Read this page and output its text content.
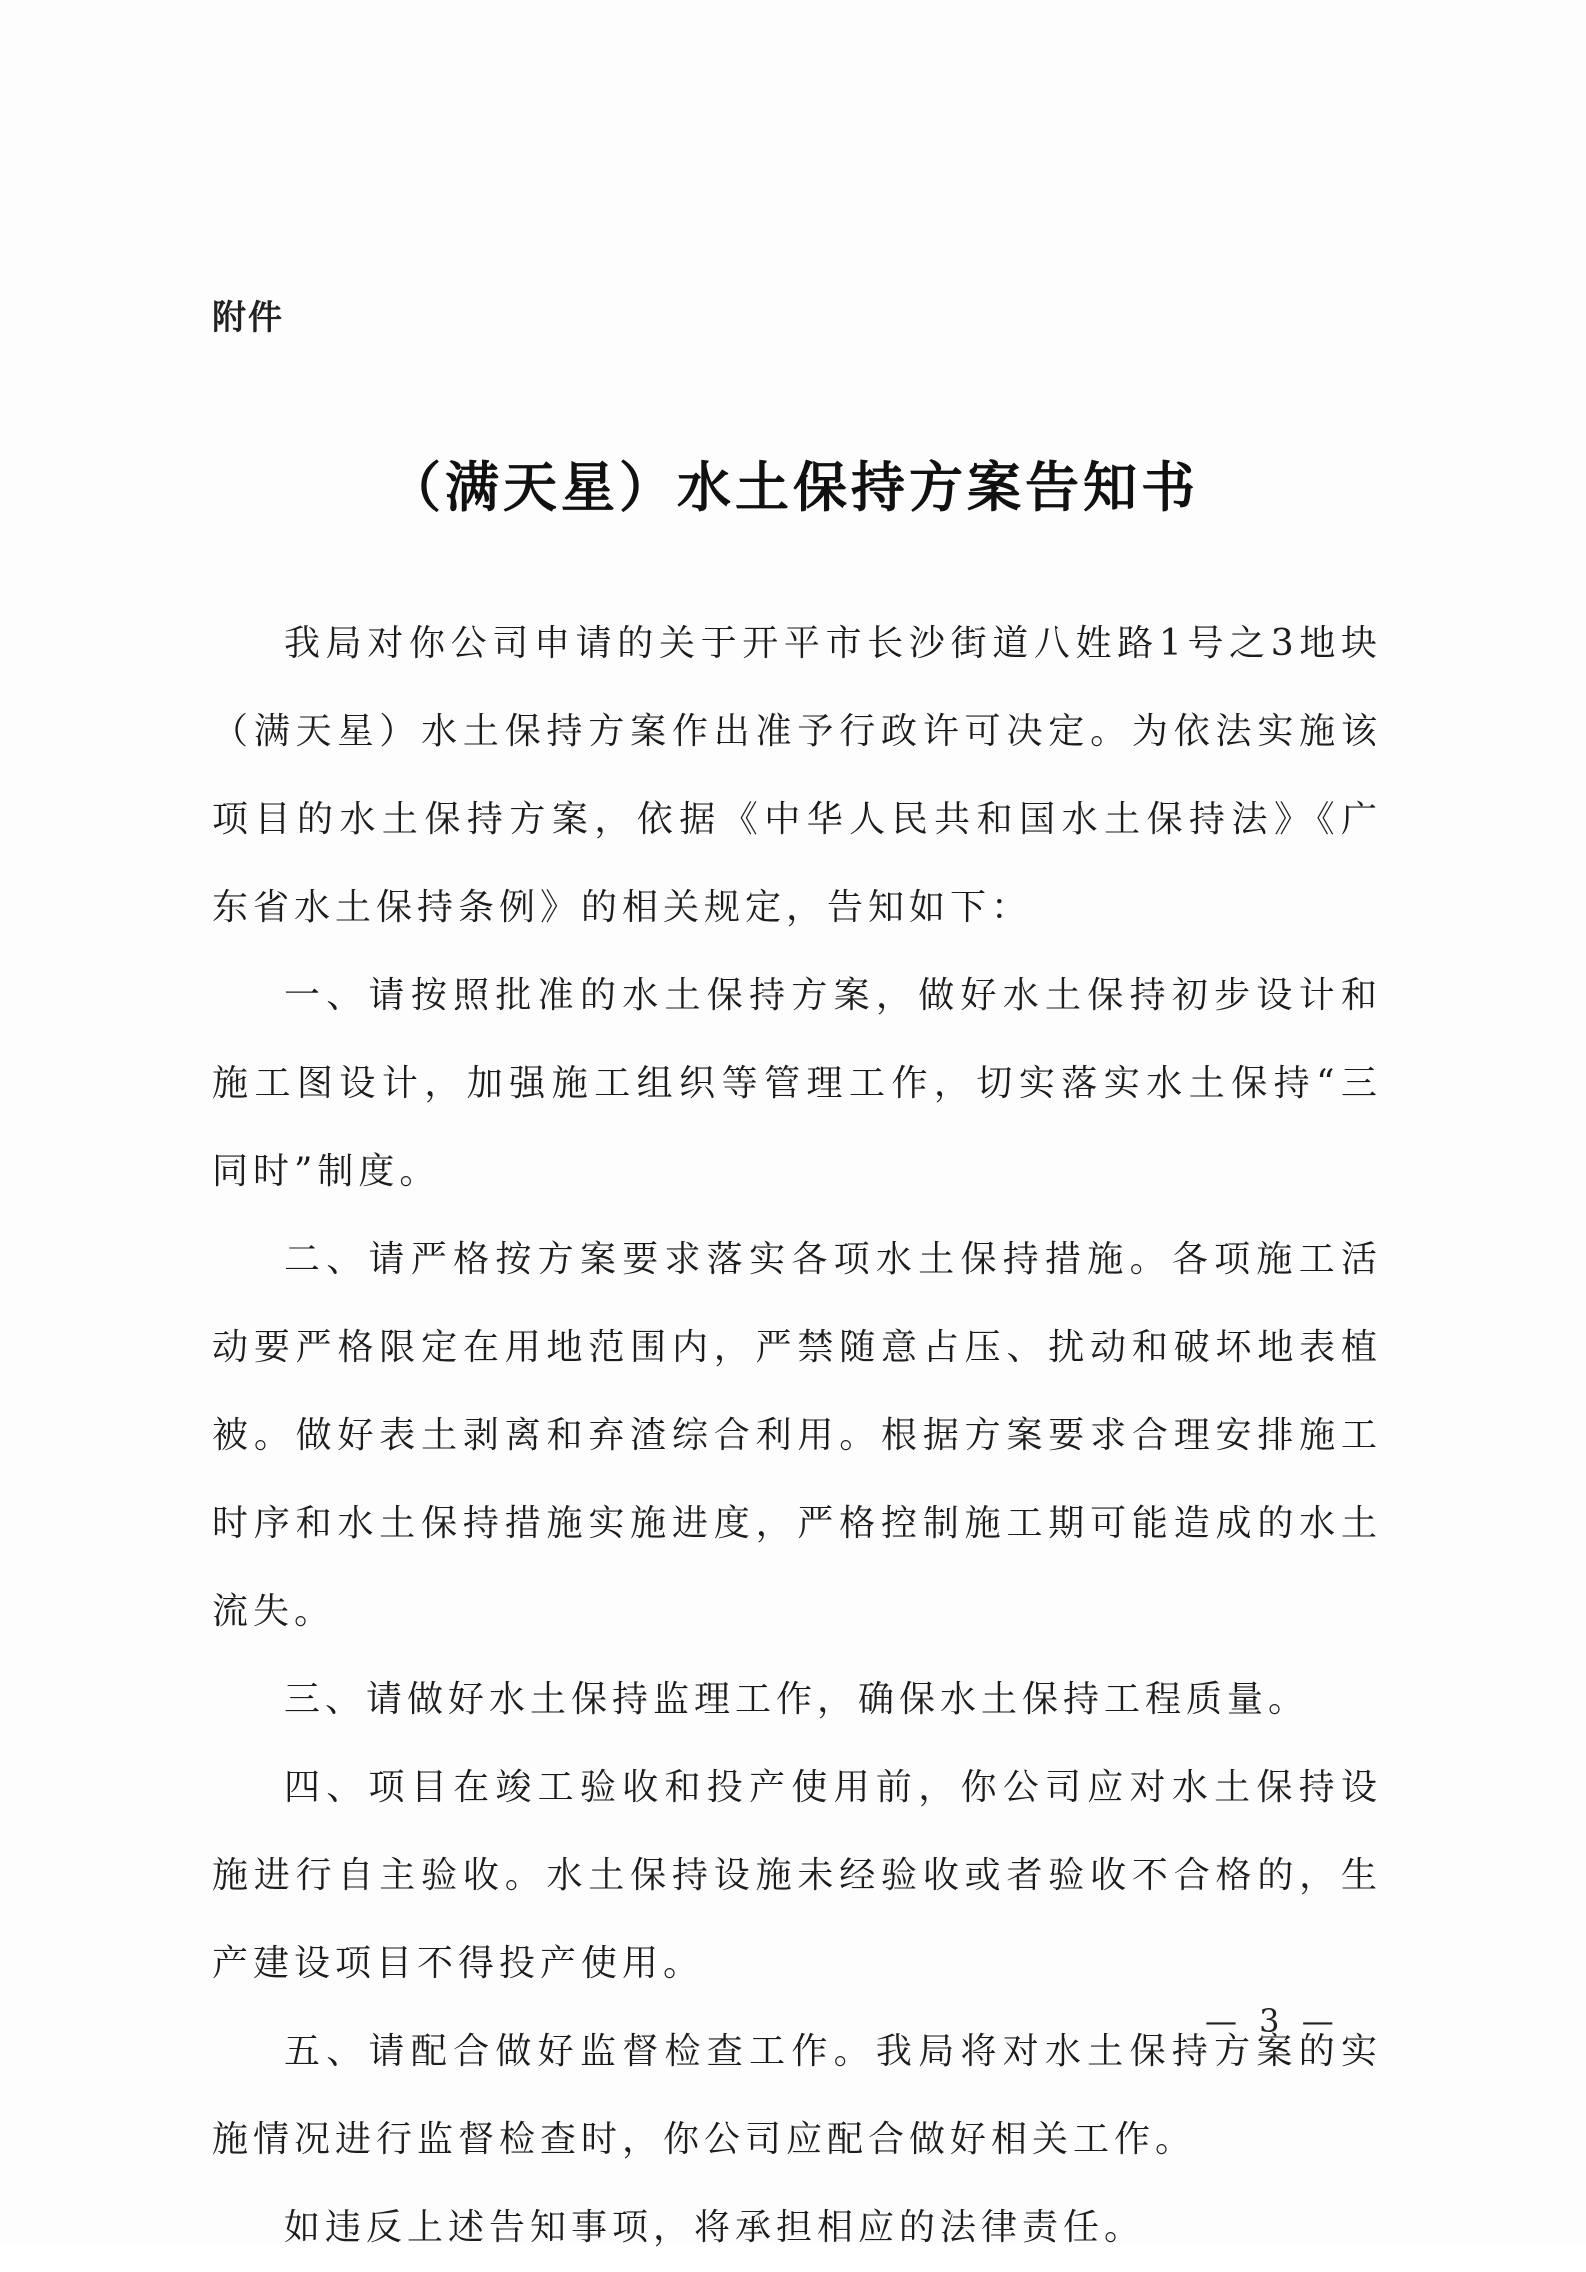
附件
（满天星）水土保持方案告知书

我局对你公司申请的关于开平市长沙街道八姓路1号之3地块（满天星）水土保持方案作出准予行政许可决定。为依法实施该项目的水土保持方案，依据《中华人民共和国水土保持法》《广东省水土保持条例》的相关规定，告知如下：

一、请按照批准的水土保持方案，做好水土保持初步设计和施工图设计，加强施工组织等管理工作，切实落实水土保持“三同时”制度。

二、请严格按方案要求落实各项水土保持措施。各项施工活动要严格限定在用地范围内，严禁随意占压、扰动和破坏地表植被。做好表土剥离和弃渣综合利用。根据方案要求合理安排施工时序和水土保持措施实施进度，严格控制施工期可能造成的水土流失。

三、请做好水土保持监理工作，确保水土保持工程质量。

四、项目在竣工验收和投产使用前，你公司应对水土保持设施进行自主验收。水土保持设施未经验收或者验收不合格的，生产建设项目不得投产使用。

五、请配合做好监督检查工作。我局将对水土保持方案的实施情况进行监督检查时，你公司应配合做好相关工作。

如违反上述告知事项，将承担相应的法律责任。

— 3 —
